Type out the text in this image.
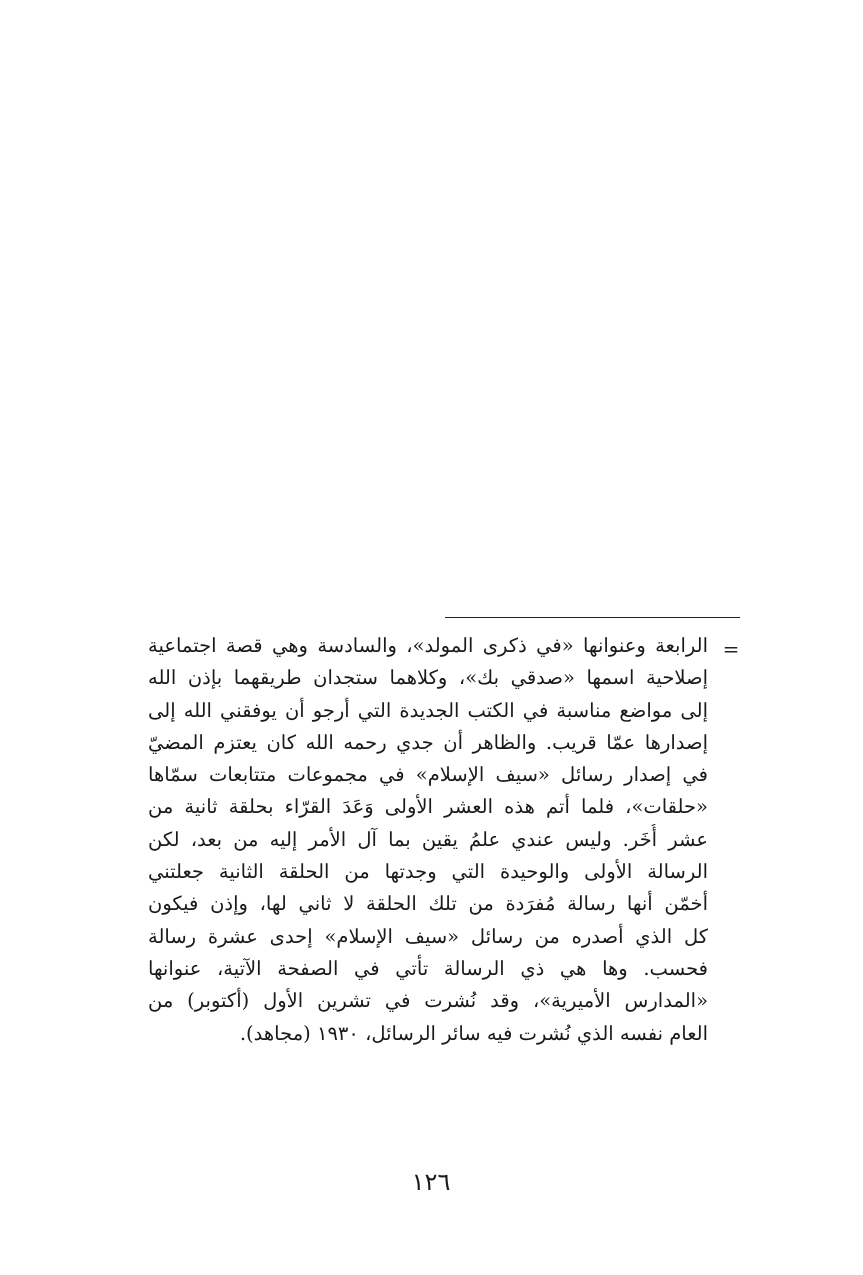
=
الرابعة وعنوانها «في ذكرى المولد»، والسادسة وهي قصة اجتماعية
إصلاحية اسمها «صدقي بك»، وكلاهما ستجدان طريقهما بإذن الله
إلى مواضع مناسبة في الكتب الجديدة التي أرجو أن يوفقني الله إلى
إصدارها عمّا قريب. والظاهر أن جدي رحمه الله كان يعتزم المضيّ
في إصدار رسائل «سيف الإسلام» في مجموعات متتابعات سمّاها
«حلقات»، فلما أتم هذه العشر الأولى وَعَدَ القرّاء بحلقة ثانية من
عشر أُخَر. وليس عندي علمُ يقين بما آل الأمر إليه من بعد، لكن
الرسالة الأولى والوحيدة التي وجدتها من الحلقة الثانية جعلتني
أخمّن أنها رسالة مُفرَدة من تلك الحلقة لا ثاني لها، وإذن فيكون
كل الذي أصدره من رسائل «سيف الإسلام» إحدى عشرة رسالة
فحسب. وها هي ذي الرسالة تأتي في الصفحة الآتية، عنوانها
«المدارس الأميرية»، وقد نُشرت في تشرين الأول (أكتوبر) من
العام نفسه الذي نُشرت فيه سائر الرسائل، ١٩٣٠ (مجاهد).
١٢٦
